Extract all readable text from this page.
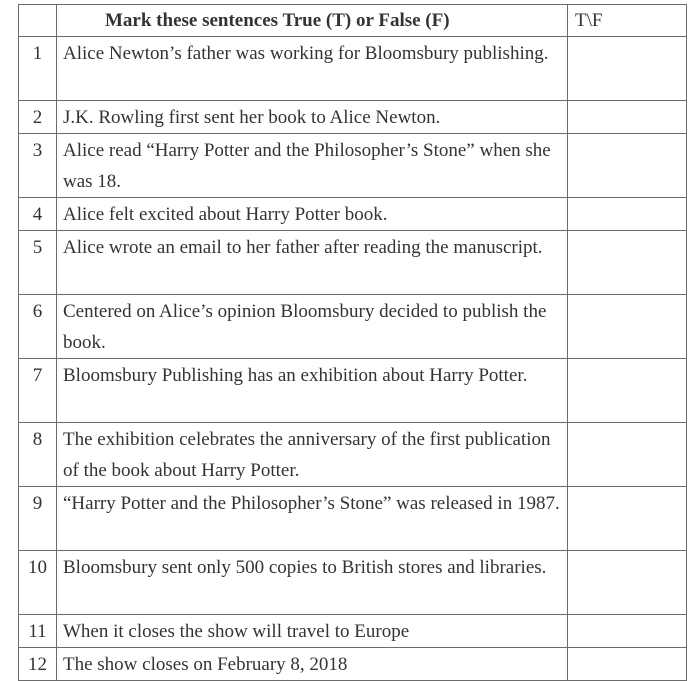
	Mark these sentences True (T) or False (F)	T\F
1	Alice Newton’s father was working for Bloomsbury publishing.	
2	J.K. Rowling first sent her book to Alice Newton.	
3	Alice read “Harry Potter and the Philosopher’s Stone” when she was 18.	
4	Alice felt excited about Harry Potter book.	
5	Alice wrote an email to her father after reading the manuscript.	
6	Centered on Alice’s opinion Bloomsbury decided to publish the book.	
7	Bloomsbury Publishing has an exhibition about Harry Potter.	
8	The exhibition celebrates the anniversary of the first publication of the book about Harry Potter.	
9	“Harry Potter and the Philosopher’s Stone” was released in 1987.	
10	Bloomsbury sent only 500 copies to British stores and libraries.	
11	When it closes the show will travel to Europe	
12	The show closes on February 8, 2018	
